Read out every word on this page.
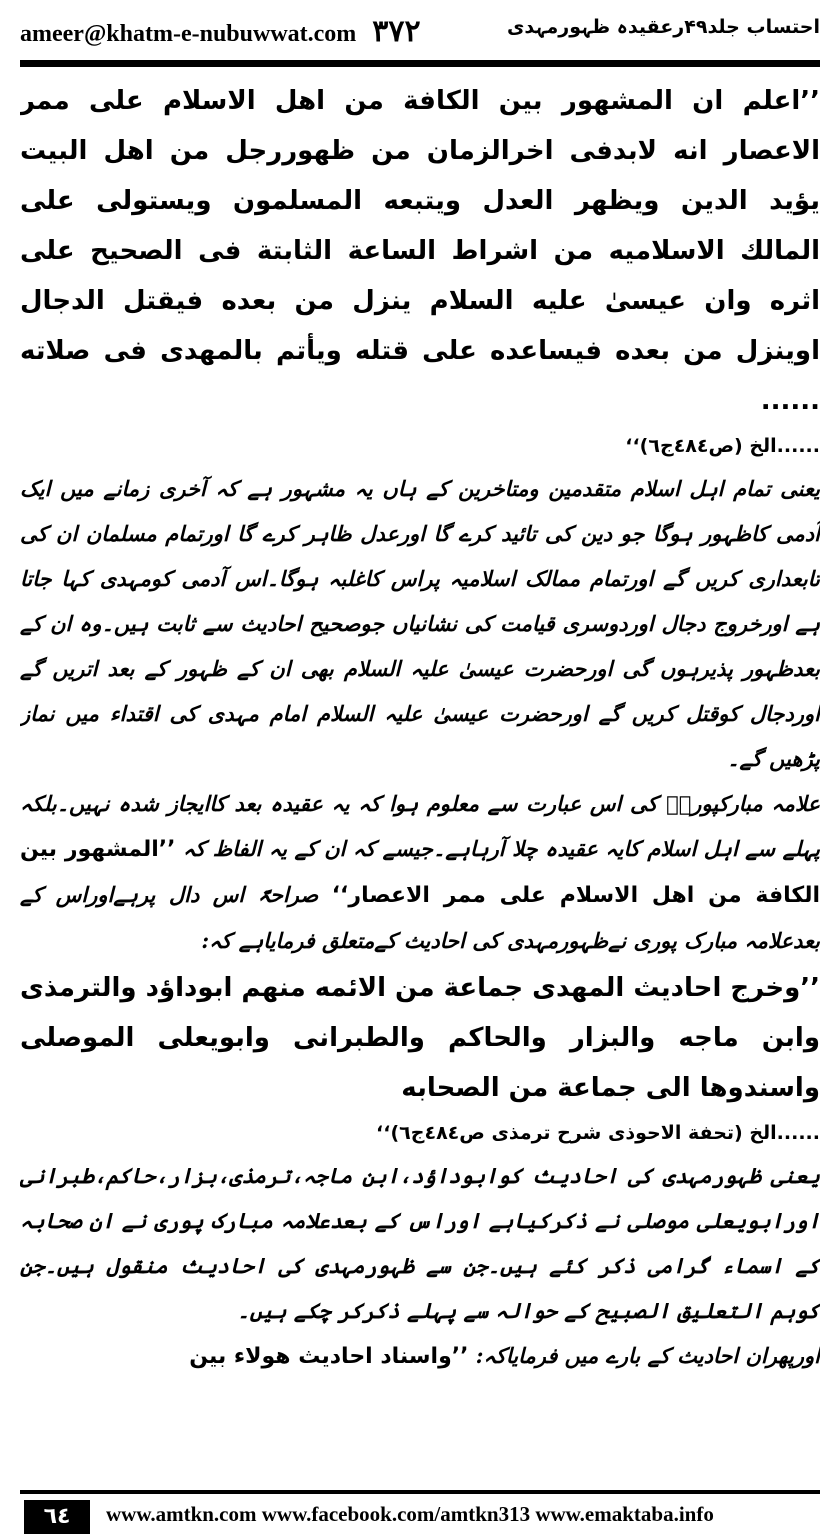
ameer@khatm-e-nubuwwat.com ۳۷۲	احتساب جلد۴۹رعقیدہ ظہورمہدی

’’اعلم ان المشهور بين الكافة من اهل الاسلام على ممر الاعصار انه لابدفى اخرالزمان من ظهوررجل من اهل البيت يؤيد الدين ويظهر العدل ويتبعه المسلمون ويستولى على المالك الاسلاميه من اشراط الساعة الثابتة فى الصحيح على اثره وان عيسىٰ عليه السلام ينزل من بعده فيقتل الدجال اوينزل من بعده فيساعده على قتله ويأتم بالمهدى فى صلاته ......

......الخ (ص٤٨٤ج٦)‘‘

یعنی تمام اہل اسلام متقدمین ومتاخرین کے ہاں یہ مشہور ہے کہ آخری زمانے میں ایک آدمی کاظہور ہوگا جو دین کی تائید کرے گا اورعدل ظاہر کرے گا اورتمام مسلمان ان کی تابعداری کریں گے اورتمام ممالک اسلامیہ پراس کاغلبہ ہوگا۔اس آدمی کومہدی کہا جاتا ہے اورخروج دجال اوردوسری قیامت کی نشانیاں جوصحیح احادیث سے ثابت ہیں۔وہ ان کے بعدظہور پذیرہوں گی اورحضرت عیسیٰ علیہ السلام بھی ان کے ظہور کے بعد اتریں گے اوردجال کوقتل کریں گے اورحضرت عیسیٰ علیہ السلام امام مہدی کی اقتداء میں نماز پڑھیں گے۔

علامہ مبارکپوریؒ کی اس عبارت سے معلوم ہوا کہ یہ عقیدہ بعد کاایجاز شدہ نہیں۔بلکہ پہلے سے اہل اسلام کایہ عقیدہ چلا آرہاہے۔جیسے کہ ان کے یہ الفاظ کہ ’’المشهور بين الكافة من اهل الاسلام على ممر الاعصار‘‘ صراحۃً اس دال پرہےاوراس کے بعدعلامہ مبارک پوری نےظہورمہدی کی احادیث کےمتعلق فرمایاہے کہ:

’’وخرج احاديث المهدى جماعة من الائمه منهم ابوداؤد والترمذى وابن ماجه والبزار والحاكم والطبرانى وابويعلى الموصلى واسندوها الى جماعة من الصحابه

......الخ (تحفة الاحوذى شرح ترمذى ص٤٨٤ج٦)‘‘

یعنی ظہورمہدی کی احادیث کوابوداؤد،ابن ماجہ،ترمذی،بزار،حاکم،طبرانی اورابویعلی موصلی نے ذکرکیاہے اوراس کے بعدعلامہ مبارک پوری نے ان صحابہ کے اسماء گرامی ذکر کئے ہیں۔جن سے ظہورمہدی کی احادیث منقول ہیں۔جن کوہم التعلیق الصبیح کے حوالہ سے پہلے ذکرکر چکے ہیں۔

اورپھران احادیث کے بارے میں فرمایاکہ: ’’واسناد احاديث هولاء بين

٦٤	www.amtkn.com www.facebook.com/amtkn313 www.emaktaba.info
